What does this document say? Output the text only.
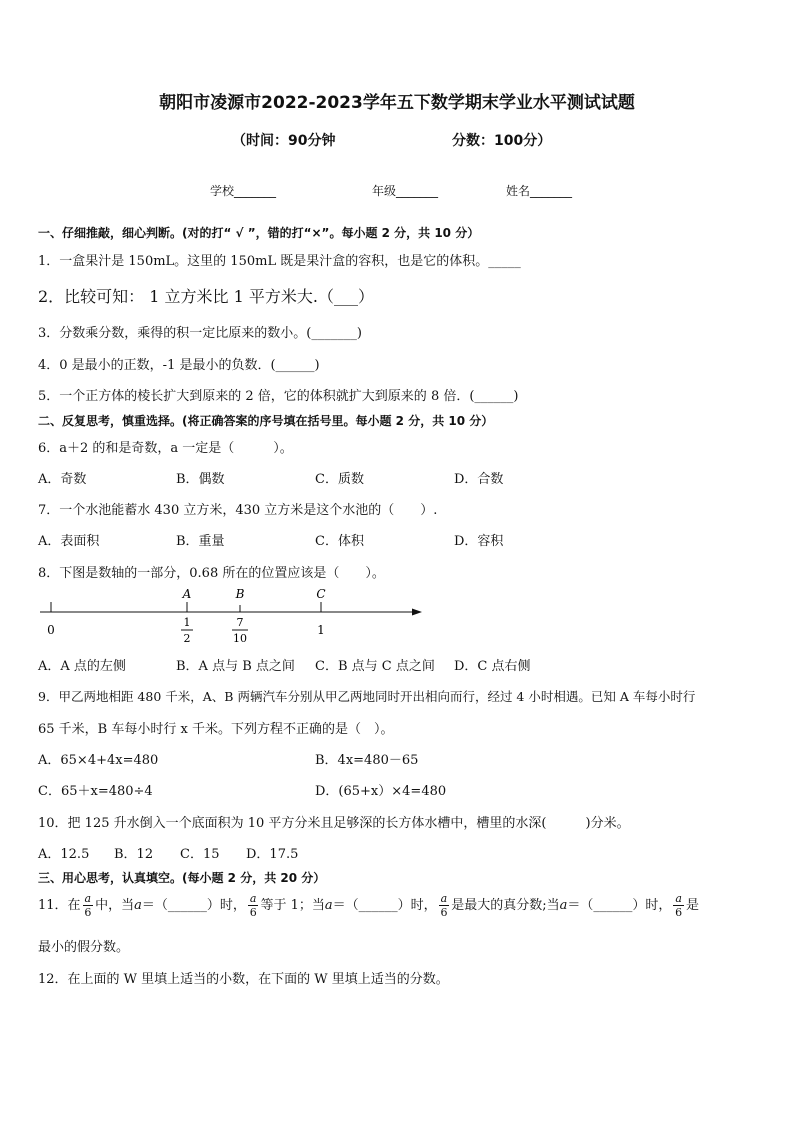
朝阳市凌源市2022-2023学年五下数学期末学业水平测试试题
（时间：90分钟	分数：100分）
学校_______	年级_______	姓名_______
一、仔细推敲，细心判断。(对的打“ √ ”，错的打“×”。每小题 2 分，共 10 分）
1．一盒果汁是 150mL。这里的 150mL 既是果汁盒的容积，也是它的体积。_____
2．比较可知： 1 立方米比 1 平方米大.（___）
3．分数乘分数，乘得的积一定比原来的数小。(_______)
4．0 是最小的正数，-1 是最小的负数．(______)
5．一个正方体的棱长扩大到原来的 2 倍，它的体积就扩大到原来的 8 倍．(______)
二、反复思考，慎重选择。(将正确答案的序号填在括号里。每小题 2 分，共 10 分）
6．a＋2 的和是奇数，a 一定是（　　　）。
A．奇数	B．偶数	C．质数	D．合数
7．一个水池能蓄水 430 立方米，430 立方米是这个水池的（　　）.
A．表面积	B．重量	C．体积	D．容积
8．下图是数轴的一部分，0.68 所在的位置应该是（　　）。
A	B	C
0
1
2
7
10
1
A．A 点的左侧	B．A 点与 B 点之间 C．B 点与 C 点之间 D．C 点右侧
9．甲乙两地相距 480 千米，A、B 两辆汽车分别从甲乙两地同时开出相向而行，经过 4 小时相遇。已知 A 车每小时行
65 千米，B 车每小时行 x 千米。下列方程不正确的是（　）。
A．65×4+4x=480	B．4x=480－65
C．65＋x=480÷4	D．(65+x）×4=480
10．把 125 升水倒入一个底面积为 10 平方分米且足够深的长方体水槽中，槽里的水深(　　　)分米。
A．12.5 B．12 C．15 D．17.5
三、用心思考，认真填空。(每小题 2 分，共 20 分）
11．在 $\frac{a}{6}$ 中，当a＝（______）时， $\frac{a}{6}$ 等于 1；当a＝（______）时， $\frac{a}{6}$ 是最大的真分数;当a＝（______）时， $\frac{a}{6}$ 是
最小的假分数。
12．在上面的 W 里填上适当的小数，在下面的 W 里填上适当的分数。
